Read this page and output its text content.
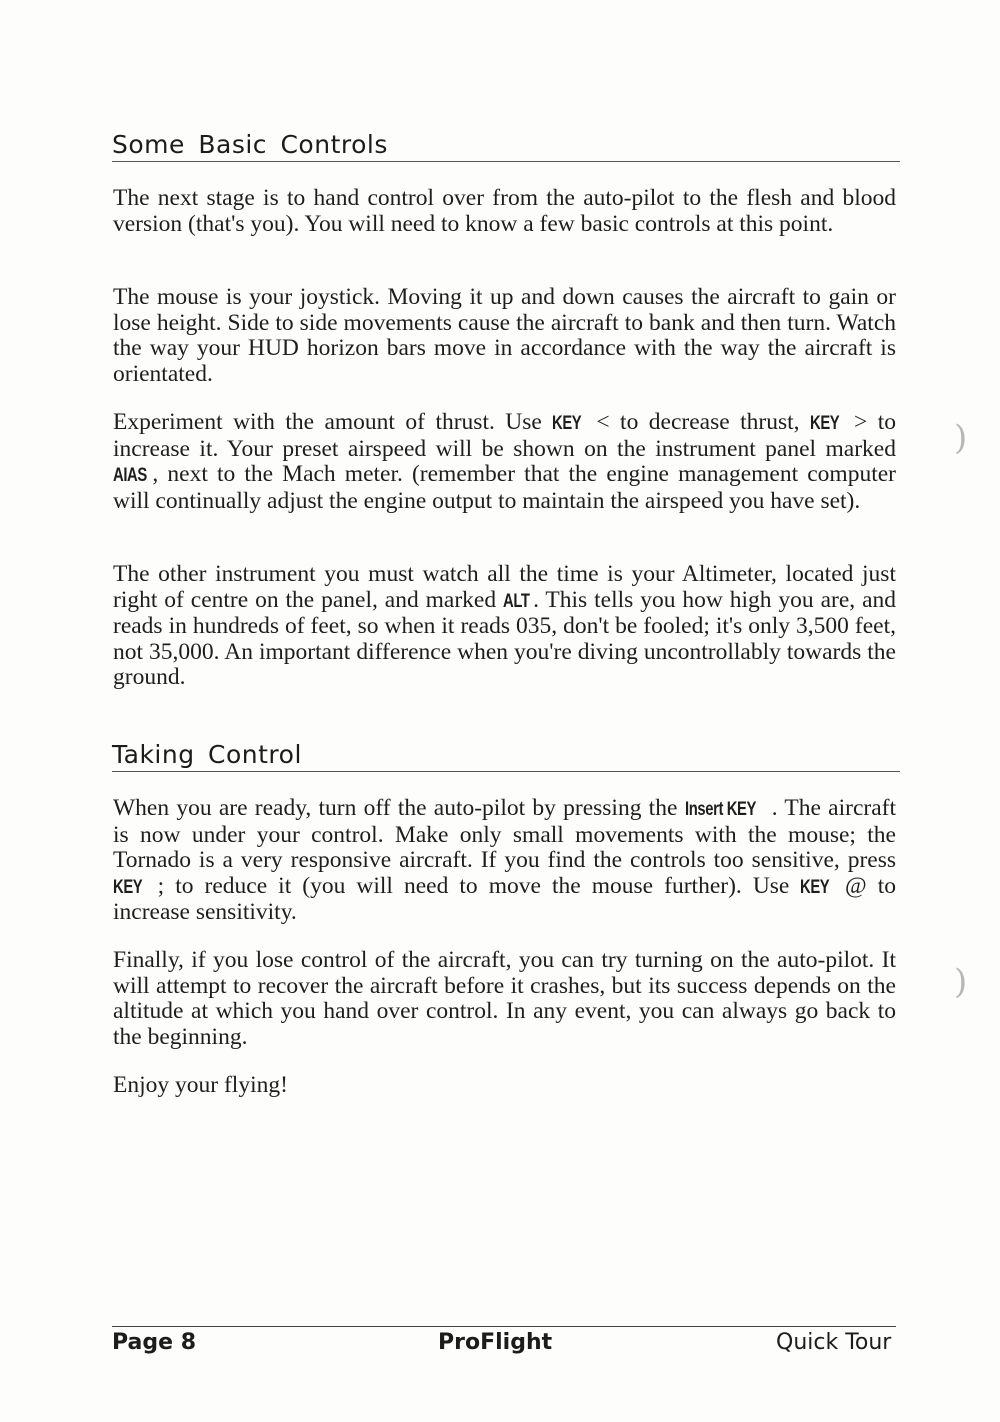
Some Basic Controls

The next stage is to hand control over from the auto-pilot to the flesh and blood version (that's you). You will need to know a few basic controls at this point.

The mouse is your joystick. Moving it up and down causes the aircraft to gain or lose height. Side to side movements cause the aircraft to bank and then turn. Watch the way your HUD horizon bars move in accordance with the way the aircraft is orientated.

Experiment with the amount of thrust. Use KEY < to decrease thrust, KEY > to increase it. Your preset airspeed will be shown on the instrument panel marked AIAS , next to the Mach meter. (remember that the engine management computer will continually adjust the engine output to maintain the airspeed you have set).

The other instrument you must watch all the time is your Altimeter, located just right of centre on the panel, and marked ALT . This tells you how high you are, and reads in hundreds of feet, so when it reads 035, don't be fooled; it's only 3,500 feet, not 35,000. An important difference when you're diving uncontrollably towards the ground.

Taking Control

When you are ready, turn off the auto-pilot by pressing the Insert KEY . The aircraft is now under your control. Make only small movements with the mouse; the Tornado is a very responsive aircraft. If you find the controls too sensitive, press KEY ; to reduce it (you will need to move the mouse further). Use KEY @ to increase sensitivity.

Finally, if you lose control of the aircraft, you can try turning on the auto-pilot. It will attempt to recover the aircraft before it crashes, but its success depends on the altitude at which you hand over control. In any event, you can always go back to the beginning.

Enjoy your flying!

)
)
Page 8	ProFlight	Quick Tour
